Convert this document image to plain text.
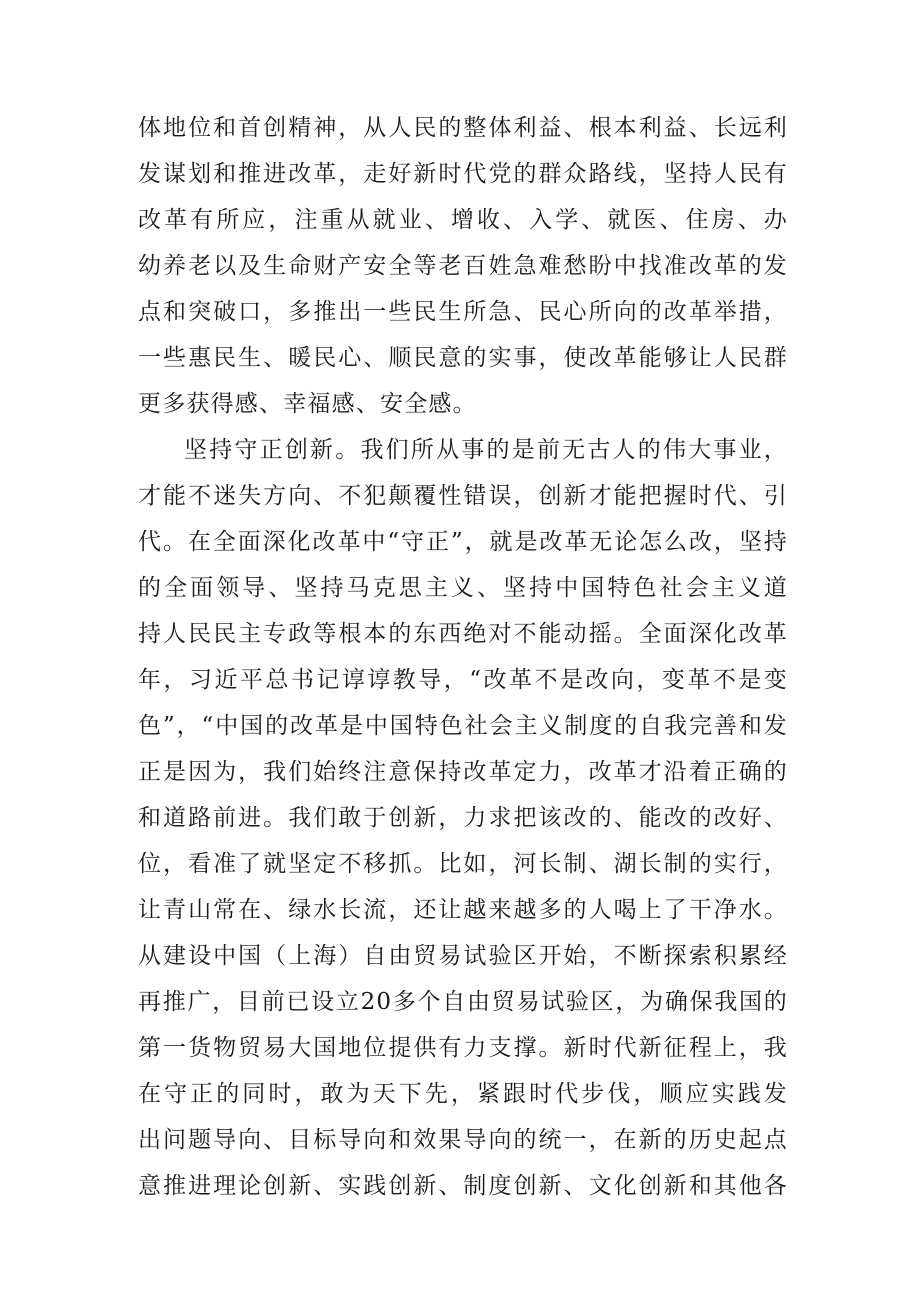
体地位和首创精神，从人民的整体利益、根本利益、长远利
发谋划和推进改革，走好新时代党的群众路线，坚持人民有
改革有所应，注重从就业、增收、入学、就医、住房、办
幼养老以及生命财产安全等老百姓急难愁盼中找准改革的发
点和突破口，多推出一些民生所急、民心所向的改革举措，
一些惠民生、暖民心、顺民意的实事，使改革能够让人民群
更多获得感、幸福感、安全感。
坚持守正创新。我们所从事的是前无古人的伟大事业，
才能不迷失方向、不犯颠覆性错误，创新才能把握时代、引
代。在全面深化改革中“守正”，就是改革无论怎么改，坚持
的全面领导、坚持马克思主义、坚持中国特色社会主义道
持人民民主专政等根本的东西绝对不能动摇。全面深化改革
年，习近平总书记谆谆教导，“改革不是改向，变革不是变
色”，“中国的改革是中国特色社会主义制度的自我完善和发
正是因为，我们始终注意保持改革定力，改革才沿着正确的
和道路前进。我们敢于创新，力求把该改的、能改的改好、
位，看准了就坚定不移抓。比如，河长制、湖长制的实行，
让青山常在、绿水长流，还让越来越多的人喝上了干净水。
从建设中国（上海）自由贸易试验区开始，不断探索积累经
再推广，目前已设立20多个自由贸易试验区，为确保我国的
第一货物贸易大国地位提供有力支撑。新时代新征程上，我
在守正的同时，敢为天下先，紧跟时代步伐，顺应实践发
出问题导向、目标导向和效果导向的统一，在新的历史起点
意推进理论创新、实践创新、制度创新、文化创新和其他各
